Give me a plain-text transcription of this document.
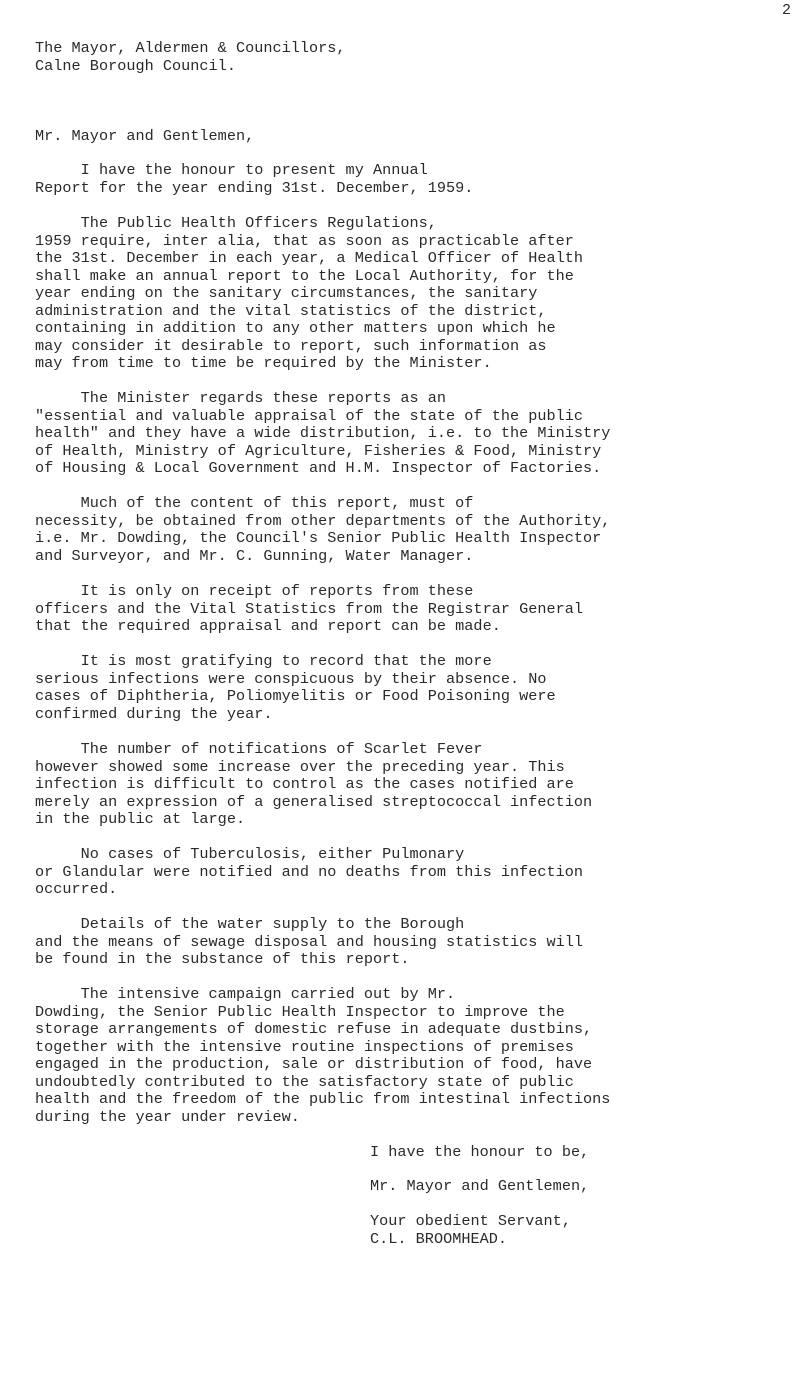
2
The Mayor, Aldermen & Councillors,
Calne Borough Council.
Mr. Mayor and Gentlemen,
I have the honour to present my Annual
Report for the year ending 31st. December, 1959.
The Public Health Officers Regulations,
1959 require, inter alia, that as soon as practicable after
the 31st. December in each year, a Medical Officer of Health
shall make an annual report to the Local Authority, for the
year ending on the sanitary circumstances, the sanitary
administration and the vital statistics of the district,
containing in addition to any other matters upon which he
may consider it desirable to report, such information as
may from time to time be required by the Minister.
The Minister regards these reports as an
"essential and valuable appraisal of the state of the public
health" and they have a wide distribution, i.e. to the Ministry
of Health, Ministry of Agriculture, Fisheries & Food, Ministry
of Housing & Local Government and H.M. Inspector of Factories.
Much of the content of this report, must of
necessity, be obtained from other departments of the Authority,
i.e. Mr. Dowding, the Council's Senior Public Health Inspector
and Surveyor, and Mr. C. Gunning, Water Manager.
It is only on receipt of reports from these
officers and the Vital Statistics from the Registrar General
that the required appraisal and report can be made.
It is most gratifying to record that the more
serious infections were conspicuous by their absence. No
cases of Diphtheria, Poliomyelitis or Food Poisoning were
confirmed during the year.
The number of notifications of Scarlet Fever
however showed some increase over the preceding year. This
infection is difficult to control as the cases notified are
merely an expression of a generalised streptococcal infection
in the public at large.
No cases of Tuberculosis, either Pulmonary
or Glandular were notified and no deaths from this infection
occurred.
Details of the water supply to the Borough
and the means of sewage disposal and housing statistics will
be found in the substance of this report.
The intensive campaign carried out by Mr.
Dowding, the Senior Public Health Inspector to improve the
storage arrangements of domestic refuse in adequate dustbins,
together with the intensive routine inspections of premises
engaged in the production, sale or distribution of food, have
undoubtedly contributed to the satisfactory state of public
health and the freedom of the public from intestinal infections
during the year under review.
I have the honour to be,
Mr. Mayor and Gentlemen,
Your obedient Servant,
C.L. BROOMHEAD.
